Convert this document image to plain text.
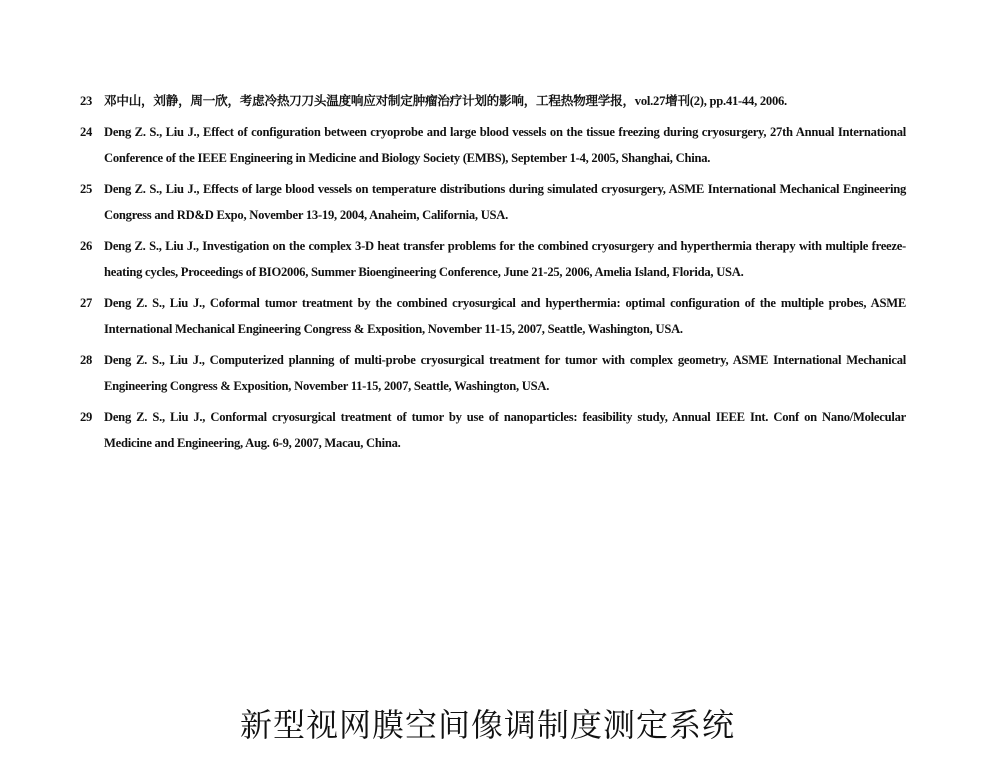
23 邓中山，刘静，周一欣，考虑冷热刀刀头温度响应对制定肿瘤治疗计划的影响，工程热物理学报，vol.27增刊(2), pp.41-44, 2006.
24 Deng Z. S., Liu J., Effect of configuration between cryoprobe and large blood vessels on the tissue freezing during cryosurgery, 27th Annual International Conference of the IEEE Engineering in Medicine and Biology Society (EMBS), September 1-4, 2005, Shanghai, China.
25 Deng Z. S., Liu J., Effects of large blood vessels on temperature distributions during simulated cryosurgery, ASME International Mechanical Engineering Congress and RD&D Expo, November 13-19, 2004, Anaheim, California, USA.
26 Deng Z. S., Liu J., Investigation on the complex 3-D heat transfer problems for the combined cryosurgery and hyperthermia therapy with multiple freeze-heating cycles, Proceedings of BIO2006, Summer Bioengineering Conference, June 21-25, 2006, Amelia Island, Florida, USA.
27 Deng Z. S., Liu J., Coformal tumor treatment by the combined cryosurgical and hyperthermia: optimal configuration of the multiple probes, ASME International Mechanical Engineering Congress & Exposition, November 11-15, 2007, Seattle, Washington, USA.
28 Deng Z. S., Liu J., Computerized planning of multi-probe cryosurgical treatment for tumor with complex geometry, ASME International Mechanical Engineering Congress & Exposition, November 11-15, 2007, Seattle, Washington, USA.
29 Deng Z. S., Liu J., Conformal cryosurgical treatment of tumor by use of nanoparticles: feasibility study, Annual IEEE Int. Conf on Nano/Molecular Medicine and Engineering, Aug. 6-9, 2007, Macau, China.
新型视网膜空间像调制度测定系统
